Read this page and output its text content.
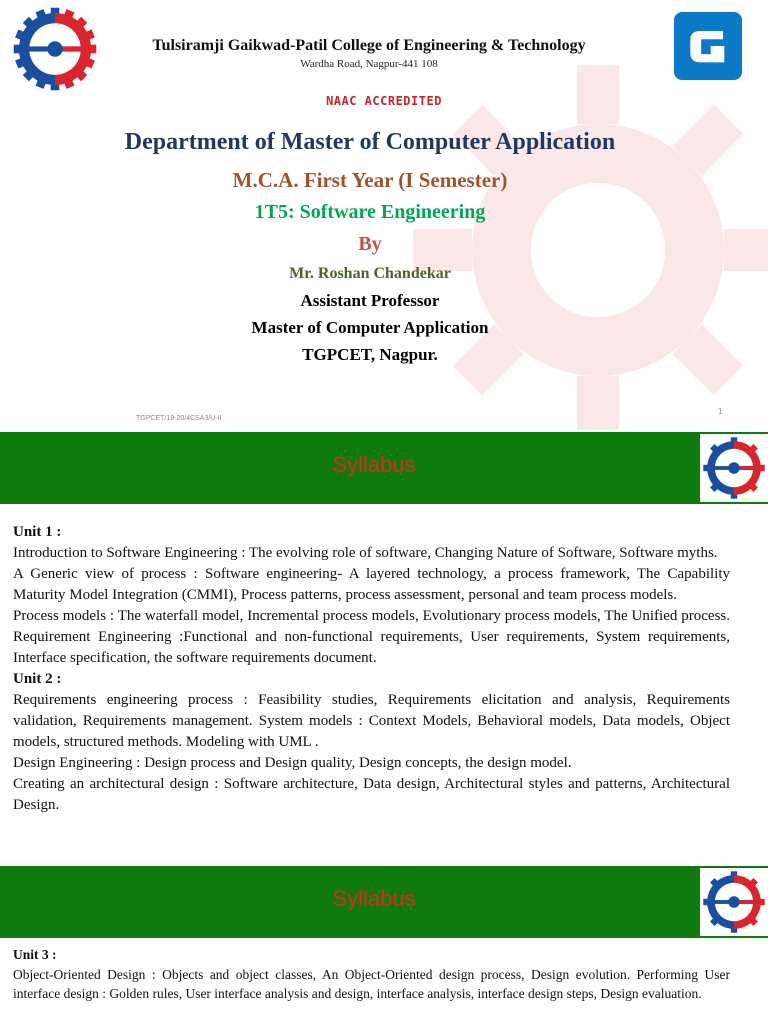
Tulsiramji Gaikwad-Patil College of Engineering & Technology
Wardha Road, Nagpur-441 108
NAAC ACCREDITED
Department of Master of Computer Application
M.C.A. First Year (I Semester)
1T5: Software Engineering
By
Mr. Roshan Chandekar
Assistant Professor
Master of Computer Application
TGPCET, Nagpur.
TGPCET/19-20/4CSA3/U-II
1
Syllabus

Unit 1 :

Introduction to Software Engineering : The evolving role of software, Changing Nature of Software, Software myths.

A Generic view of process : Software engineering- A layered technology, a process framework, The Capability Maturity Model Integration (CMMI), Process patterns, process assessment, personal and team process models.

Process models : The waterfall model, Incremental process models, Evolutionary process models, The Unified process. Requirement Engineering :Functional and non-functional requirements, User requirements, System requirements, Interface specification, the software requirements document.

Unit 2 :

Requirements engineering process : Feasibility studies, Requirements elicitation and analysis, Requirements validation, Requirements management. System models : Context Models, Behavioral models, Data models, Object models, structured methods. Modeling with UML .

Design Engineering : Design process and Design quality, Design concepts, the design model.

Creating an architectural design : Software architecture, Data design, Architectural styles and patterns, Architectural Design.

Syllabus

Unit 3 :

Object-Oriented Design : Objects and object classes, An Object-Oriented design process, Design evolution. Performing User interface design : Golden rules, User interface analysis and design, interface analysis, interface design steps, Design evaluation.
